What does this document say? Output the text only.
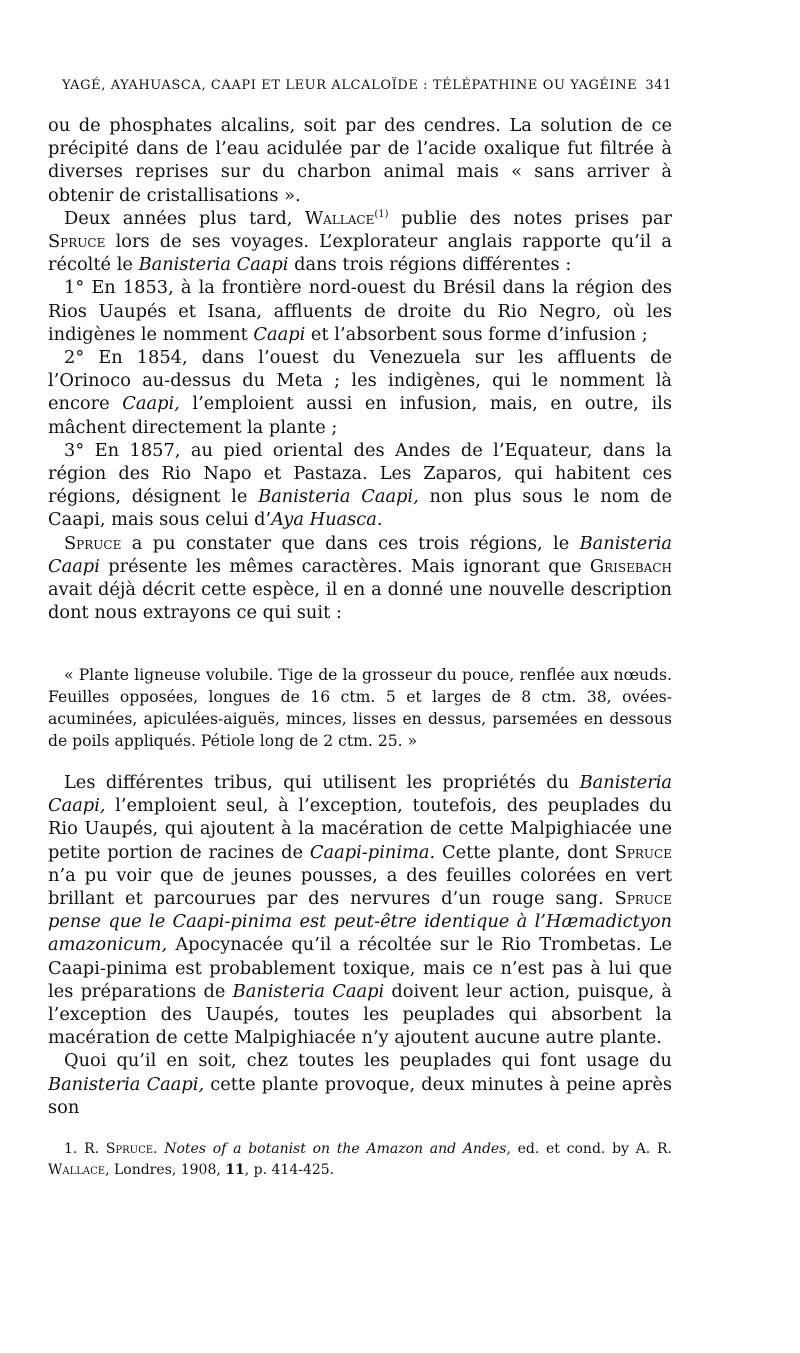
YAGÉ, AYAHUASCA, CAAPI ET LEUR ALCALOÏDE : TÉLÉPATHINE OU YAGÉINE 341

ou de phosphates alcalins, soit par des cendres. La solution de ce précipité dans de l’eau acidulée par de l’acide oxalique fut filtrée à diverses reprises sur du charbon animal mais « sans arriver à obtenir de cristallisations ».

Deux années plus tard, Wallace$^{(1)}$ publie des notes prises par Spruce lors de ses voyages. L’explorateur anglais rapporte qu’il a récolté le Banisteria Caapi dans trois régions différentes :

1° En 1853, à la frontière nord-ouest du Brésil dans la région des Rios Uaupés et Isana, affluents de droite du Rio Negro, où les indigènes le nomment Caapi et l’absorbent sous forme d’infusion ;

2° En 1854, dans l’ouest du Venezuela sur les affluents de l’Orinoco au-dessus du Meta ; les indigènes, qui le nomment là encore Caapi, l’emploient aussi en infusion, mais, en outre, ils mâchent directement la plante ;

3° En 1857, au pied oriental des Andes de l’Equateur, dans la région des Rio Napo et Pastaza. Les Zaparos, qui habitent ces régions, désignent le Banisteria Caapi, non plus sous le nom de Caapi, mais sous celui d’Aya Huasca.

Spruce a pu constater que dans ces trois régions, le Banisteria Caapi présente les mêmes caractères. Mais ignorant que Grisebach avait déjà décrit cette espèce, il en a donné une nouvelle description dont nous extrayons ce qui suit :

« Plante ligneuse volubile. Tige de la grosseur du pouce, renflée aux nœuds. Feuilles opposées, longues de 16 ctm. 5 et larges de 8 ctm. 38, ovées-acuminées, apiculées-aiguës, minces, lisses en dessus, parsemées en dessous de poils appliqués. Pétiole long de 2 ctm. 25. »

Les différentes tribus, qui utilisent les propriétés du Banisteria Caapi, l’emploient seul, à l’exception, toutefois, des peuplades du Rio Uaupés, qui ajoutent à la macération de cette Malpighiacée une petite portion de racines de Caapi-pinima. Cette plante, dont Spruce n’a pu voir que de jeunes pousses, a des feuilles colorées en vert brillant et parcourues par des nervures d’un rouge sang. Spruce pense que le Caapi-pinima est peut-être identique à l’Hæmadictyon amazonicum, Apocynacée qu’il a récoltée sur le Rio Trombetas. Le Caapi-pinima est probablement toxique, mais ce n’est pas à lui que les préparations de Banisteria Caapi doivent leur action, puisque, à l’exception des Uaupés, toutes les peuplades qui absorbent la macération de cette Malpighiacée n’y ajoutent aucune autre plante.

Quoi qu’il en soit, chez toutes les peuplades qui font usage du Banisteria Caapi, cette plante provoque, deux minutes à peine après son

1. R. Spruce. Notes of a botanist on the Amazon and Andes, ed. et cond. by A. R. Wallace, Londres, 1908, 11, p. 414-425.
